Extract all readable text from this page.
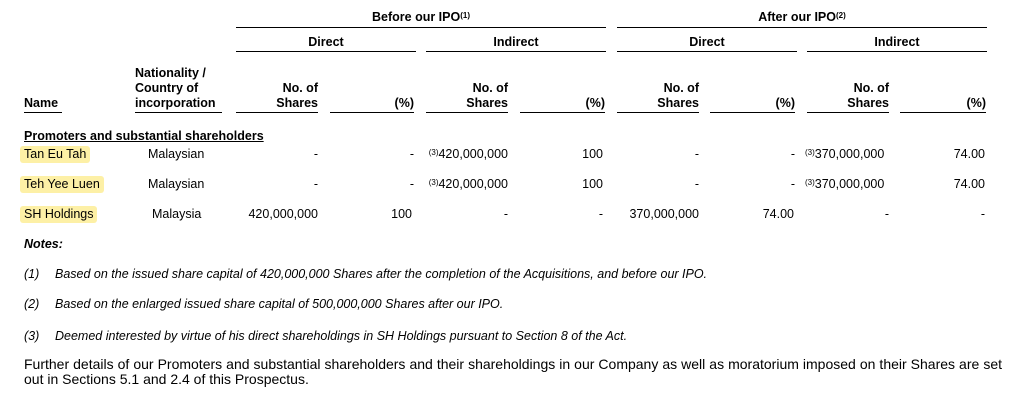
Before our IPO$^{(1)}$	After our IPO$^{(2)}$
Direct	Indirect	Direct	Indirect
Name
Nationality /
Country of
incorporation
No. of
Shares	(%)
No. of
Shares	(%)
No. of
Shares	(%)
No. of
Shares	(%)
Promoters and substantial shareholders
Tan Eu Tah	Malaysian	-	-	$^{(3)}$420,000,000	100	-	- $^{(3)}$370,000,000	74.00
Teh Yee Luen	Malaysian	-	-	$^{(3)}$420,000,000	100	-	- $^{(3)}$370,000,000	74.00
SH Holdings	Malaysia	420,000,000	100	-	-	370,000,000	74.00	-	-
Notes:
(1) Based on the issued share capital of 420,000,000 Shares after the completion of the Acquisitions, and before our IPO.
(2) Based on the enlarged issued share capital of 500,000,000 Shares after our IPO.
(3) Deemed interested by virtue of his direct shareholdings in SH Holdings pursuant to Section 8 of the Act.
Further details of our Promoters and substantial shareholders and their shareholdings in our Company as well as moratorium imposed on their Shares are set out in Sections 5.1 and 2.4 of this Prospectus.
